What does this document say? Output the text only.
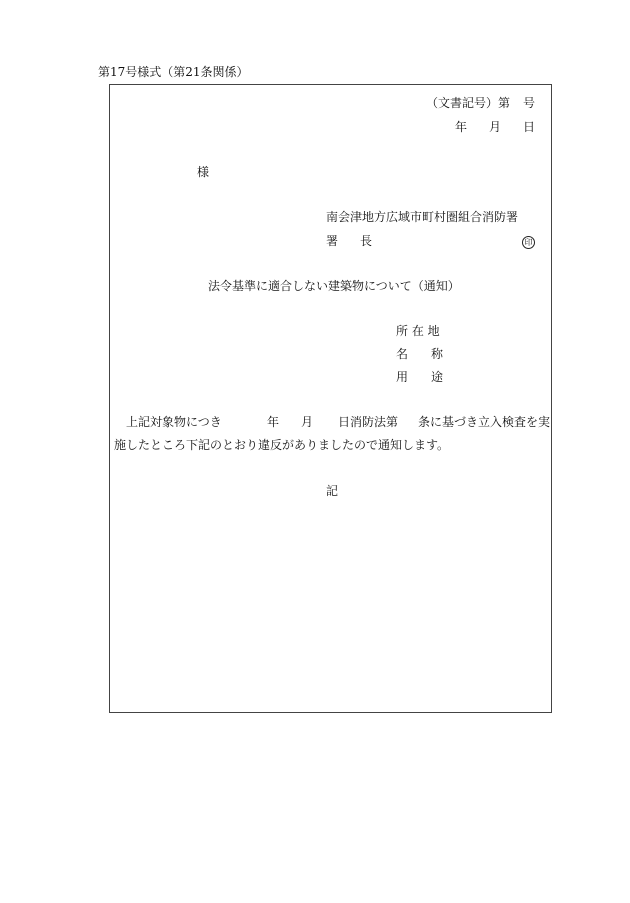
第17号様式（第21条関係）
（文書記号）第 号
年 月 日
様
南会津地方広域市町村圏組合消防署
署 長	印
法令基準に適合しない建築物について（通知）
所 在 地
名 称
用 途
上記対象物につき	年 月 日消防法第 条に基づき立入検査を実
施したところ下記のとおり違反がありましたので通知します。
記
